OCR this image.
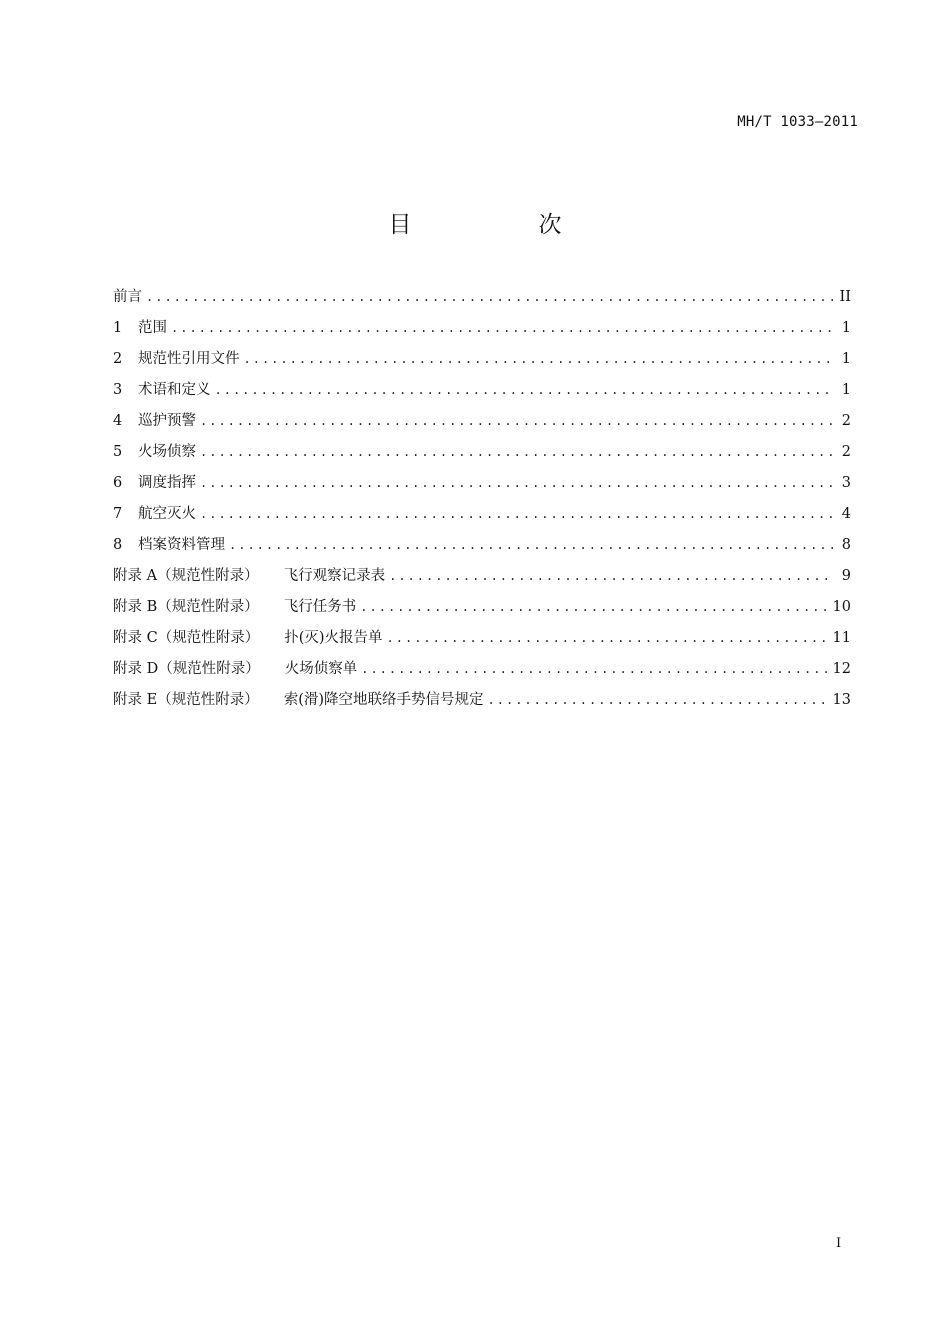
MH/T 1033—2011
目　次
前言 .....	II
1 范围 .....	1
2 规范性引用文件 .....	1
3 术语和定义 .....	1
4 巡护预警 .....	2
5 火场侦察 .....	2
6 调度指挥 .....	3
7 航空灭火 .....	4
8 档案资料管理 .....	8
附录 A（规范性附录） 飞行观察记录表 .....	9
附录 B（规范性附录） 飞行任务书 .....	10
附录 C（规范性附录） 扑(灭)火报告单 .....	11
附录 D（规范性附录） 火场侦察单 .....	12
附录 E（规范性附录） 索(滑)降空地联络手势信号规定 .....	13
I
